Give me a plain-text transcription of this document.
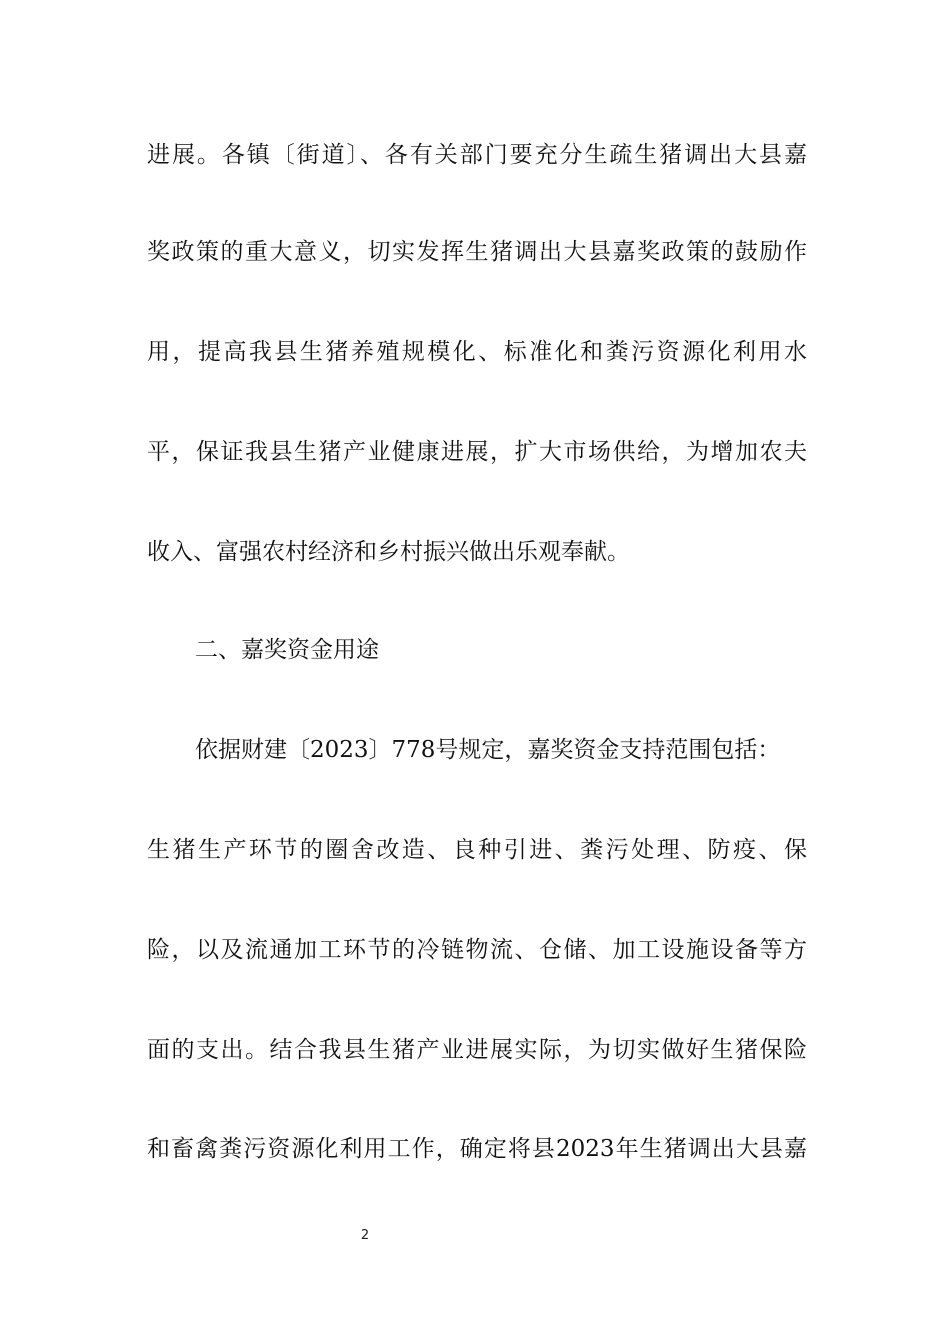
进展。各镇〔街道〕、各有关部门要充分生疏生猪调出大县嘉
奖政策的重大意义，切实发挥生猪调出大县嘉奖政策的鼓励作
用，提高我县生猪养殖规模化、标准化和粪污资源化利用水
平，保证我县生猪产业健康进展，扩大市场供给，为增加农夫
收入、富强农村经济和乡村振兴做出乐观奉献。
二、嘉奖资金用途
依据财建〔2023〕778号规定，嘉奖资金支持范围包括：
生猪生产环节的圈舍改造、良种引进、粪污处理、防疫、保
险，以及流通加工环节的冷链物流、仓储、加工设施设备等方
面的支出。结合我县生猪产业进展实际，为切实做好生猪保险
和畜禽粪污资源化利用工作，确定将县2023年生猪调出大县嘉
2
